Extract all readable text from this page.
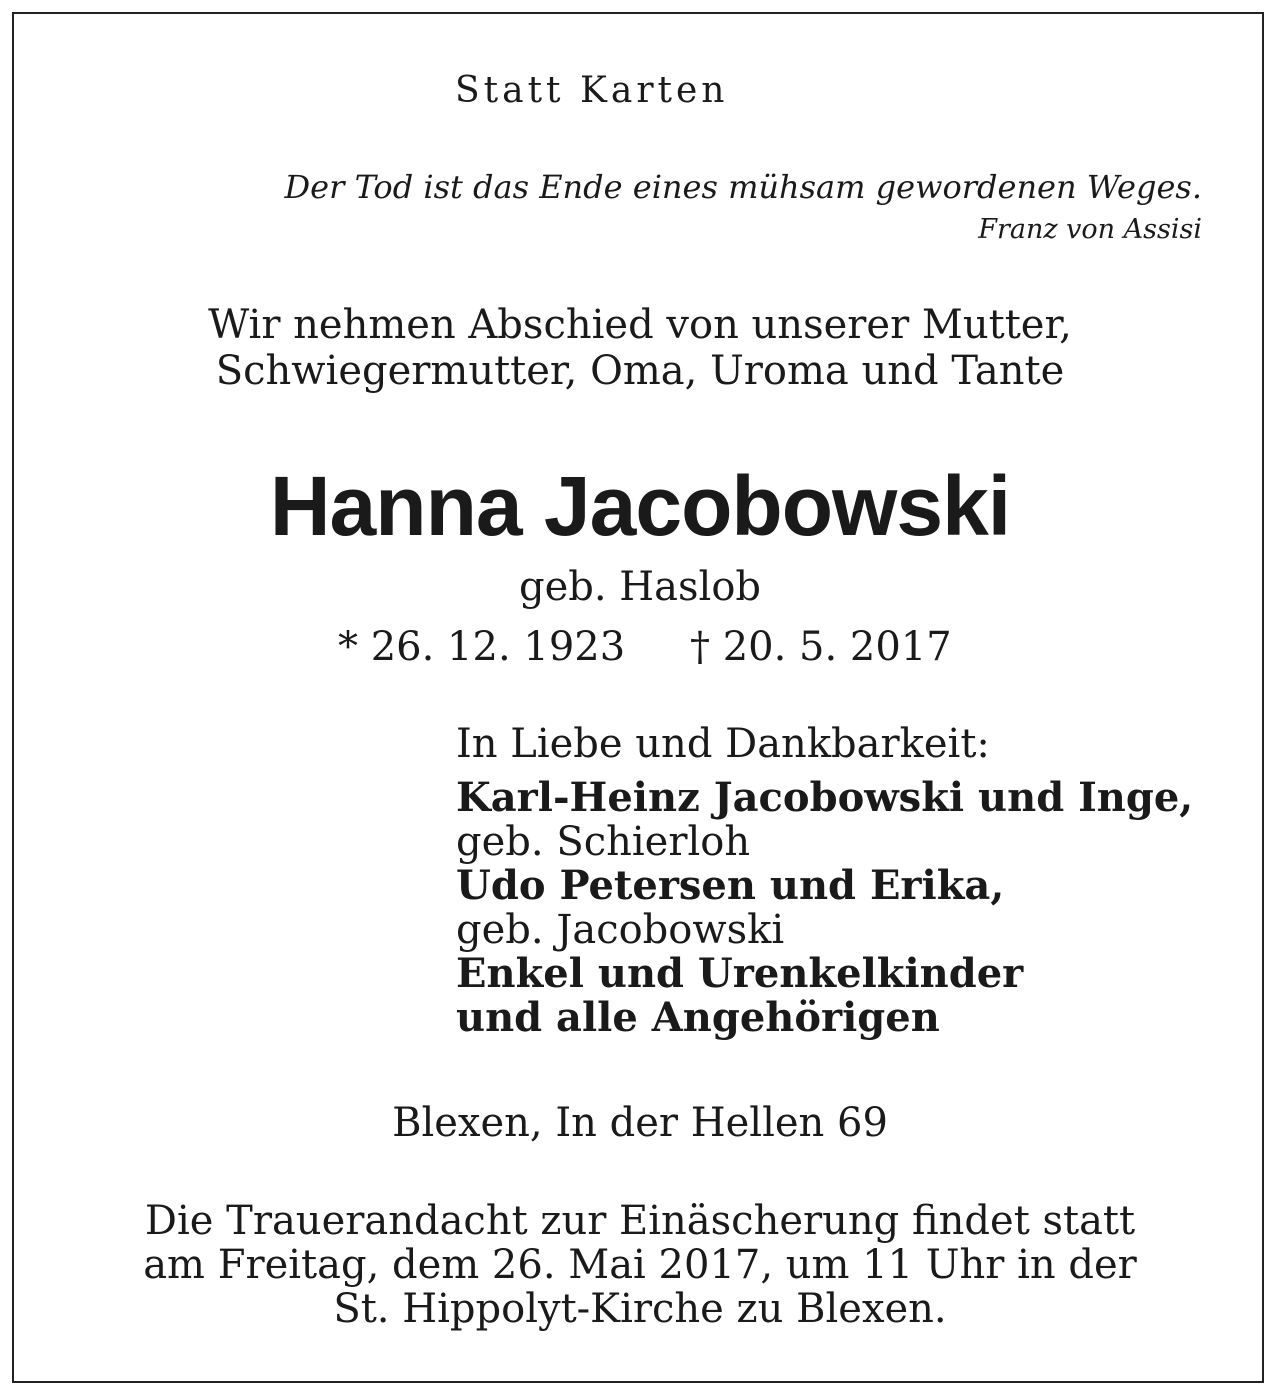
Statt Karten
Der Tod ist das Ende eines mühsam gewordenen Weges.
Franz von Assisi
Wir nehmen Abschied von unserer Mutter,
Schwiegermutter, Oma, Uroma und Tante
Hanna Jacobowski
geb. Haslob
* 26. 12. 1923 † 20. 5. 2017
In Liebe und Dankbarkeit:
Karl-Heinz Jacobowski und Inge,
geb. Schierloh
Udo Petersen und Erika,
geb. Jacobowski
Enkel und Urenkelkinder
und alle Angehörigen
Blexen, In der Hellen 69
Die Trauerandacht zur Einäscherung findet statt
am Freitag, dem 26. Mai 2017, um 11 Uhr in der
St. Hippolyt-Kirche zu Blexen.
